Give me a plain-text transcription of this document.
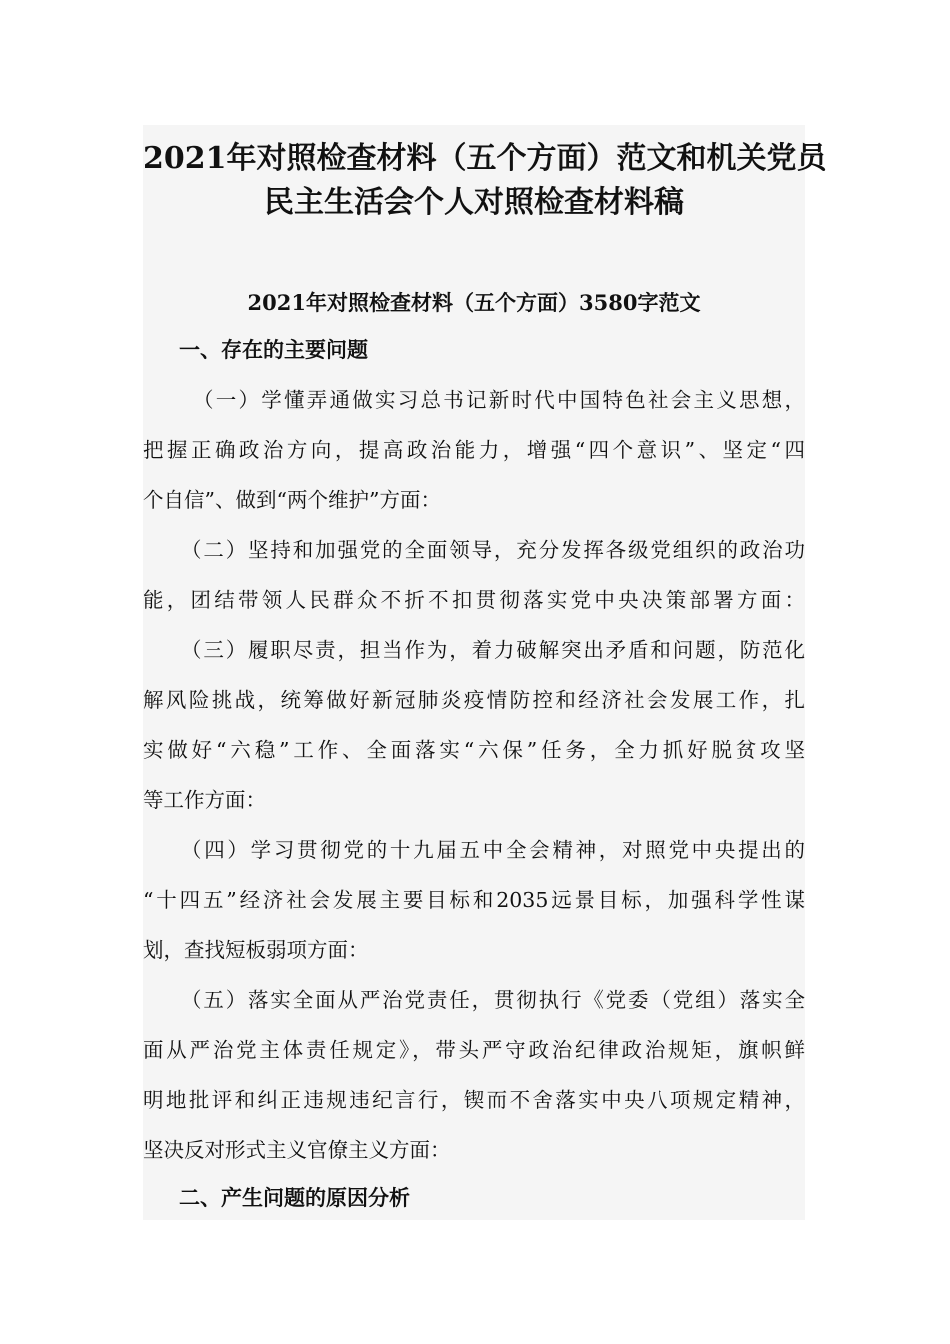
2021年对照检查材料（五个方面）范文和机关党员
民主生活会个人对照检查材料稿
2021年对照检查材料（五个方面）3580字范文
一、存在的主要问题
（一）学懂弄通做实习总书记新时代中国特色社会主义思想，
把握正确政治方向，提高政治能力，增强“四个意识”、坚定“四
个自信”、做到“两个维护”方面：
（二）坚持和加强党的全面领导，充分发挥各级党组织的政治功
能，团结带领人民群众不折不扣贯彻落实党中央决策部署方面：
（三）履职尽责，担当作为，着力破解突出矛盾和问题，防范化
解风险挑战，统筹做好新冠肺炎疫情防控和经济社会发展工作，扎
实做好“六稳”工作、全面落实“六保”任务，全力抓好脱贫攻坚
等工作方面：
（四）学习贯彻党的十九届五中全会精神，对照党中央提出的
“十四五”经济社会发展主要目标和2035远景目标，加强科学性谋
划，查找短板弱项方面：
（五）落实全面从严治党责任，贯彻执行《党委（党组）落实全
面从严治党主体责任规定》，带头严守政治纪律政治规矩，旗帜鲜
明地批评和纠正违规违纪言行，锲而不舍落实中央八项规定精神，
坚决反对形式主义官僚主义方面：
二、产生问题的原因分析
